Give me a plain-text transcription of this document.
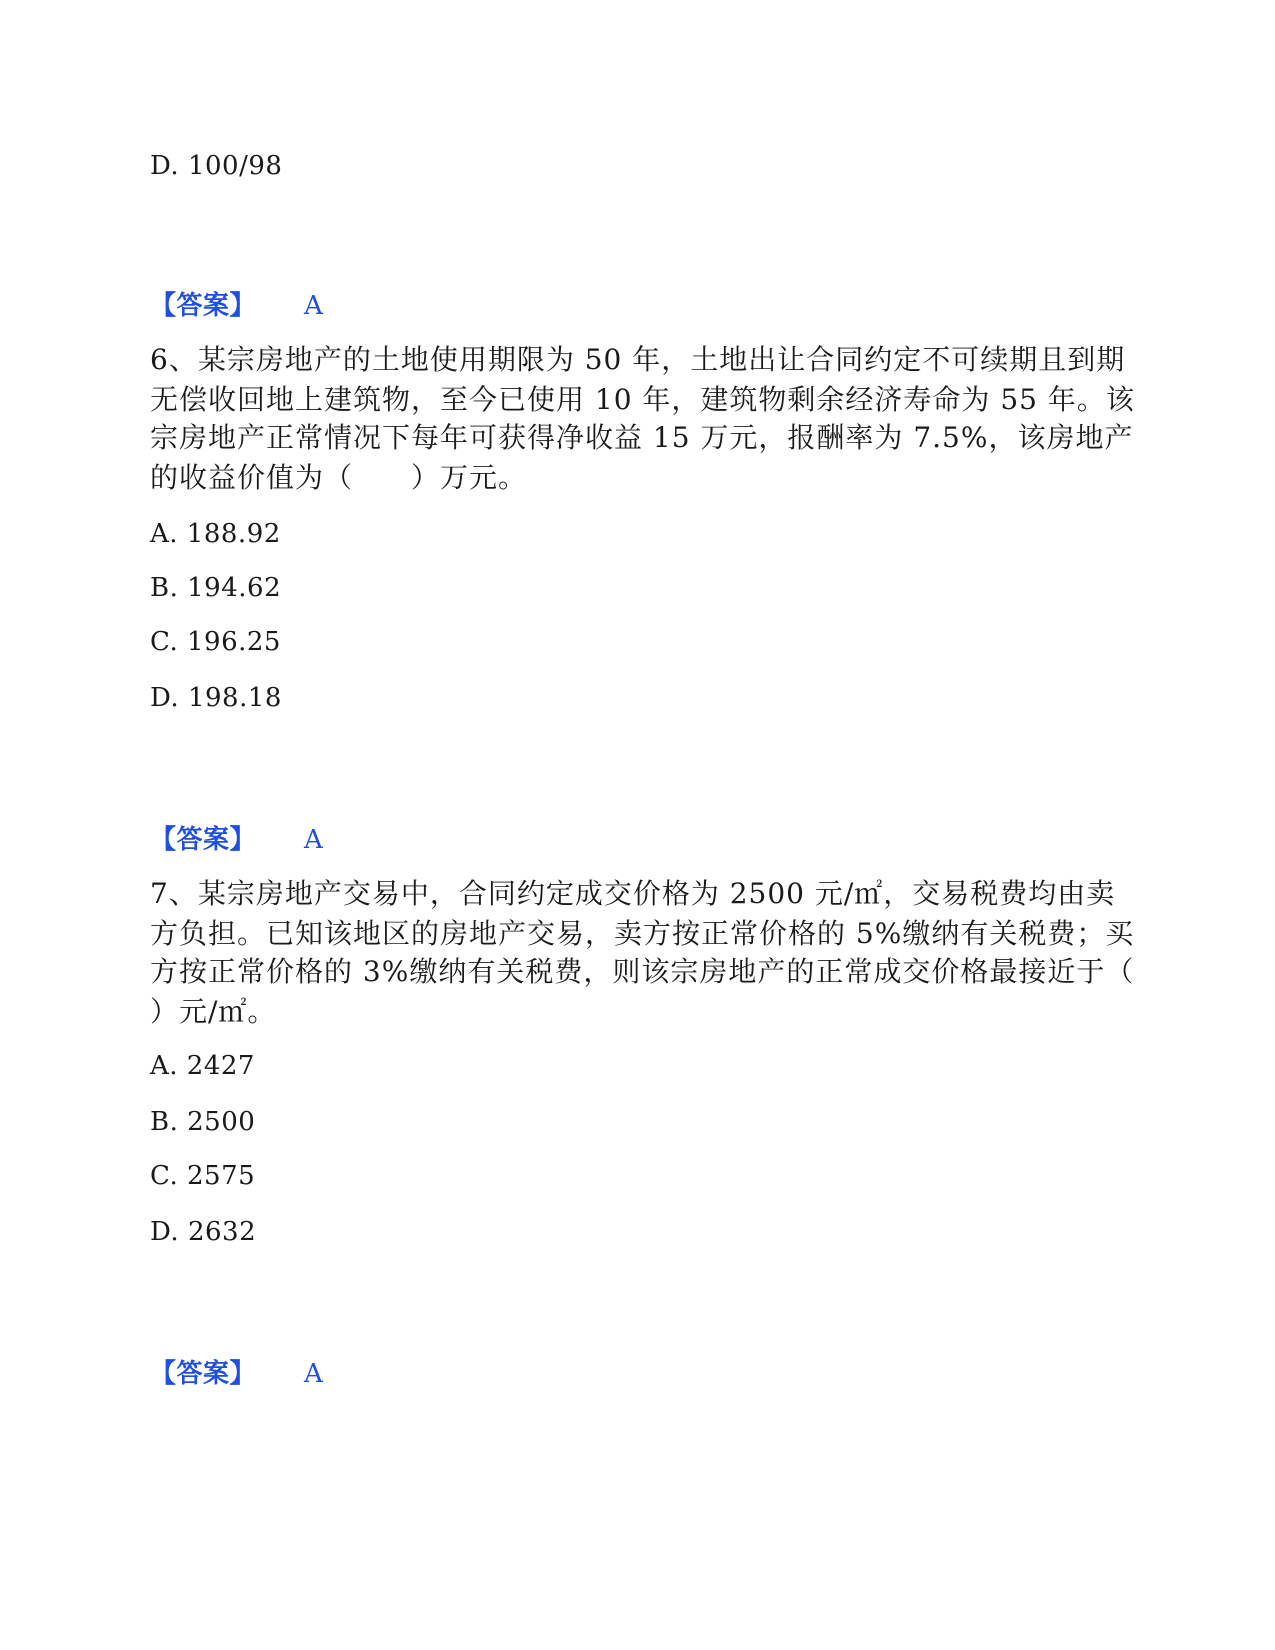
D. 100/98
【答案】 A
6、某宗房地产的土地使用期限为 50 年，土地出让合同约定不可续期且到期
无偿收回地上建筑物，至今已使用 10 年，建筑物剩余经济寿命为 55 年。该
宗房地产正常情况下每年可获得净收益 15 万元，报酬率为 7.5%，该房地产
的收益价值为（　　）万元。
A. 188.92
B. 194.62
C. 196.25
D. 198.18
【答案】 A
7、某宗房地产交易中，合同约定成交价格为 2500 元/㎡，交易税费均由卖
方负担。已知该地区的房地产交易，卖方按正常价格的 5%缴纳有关税费；买
方按正常价格的 3%缴纳有关税费，则该宗房地产的正常成交价格最接近于（
）元/㎡。
A. 2427
B. 2500
C. 2575
D. 2632
【答案】 A
